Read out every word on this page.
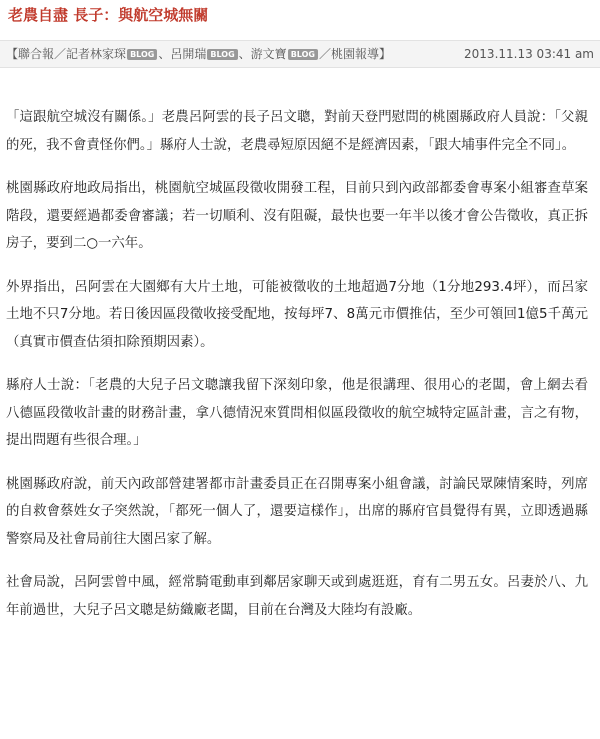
老農自盡 長子：與航空城無關
【聯合報／記者林家琛 BLOG 、呂開瑞 BLOG 、游文寶 BLOG ／桃園報導】	2013.11.13 03:41 am

「這跟航空城沒有關係。」老農呂阿雲的長子呂文聰，對前天登門慰問的桃園縣政府人員說：「父親的死，我不會責怪你們。」縣府人士說，老農尋短原因絕不是經濟因素，「跟大埔事件完全不同」。

桃園縣政府地政局指出，桃園航空城區段徵收開發工程，目前只到內政部都委會專案小組審查草案階段，還要經過都委會審議；若一切順利、沒有阻礙，最快也要一年半以後才會公告徵收，真正拆房子，要到二○一六年。

外界指出，呂阿雲在大園鄉有大片土地，可能被徵收的土地超過7分地（1分地293.4坪），而呂家土地不只7分地。若日後因區段徵收接受配地，按每坪7、8萬元市價推估，至少可領回1億5千萬元（真實市價查估須扣除預期因素）。

縣府人士說：「老農的大兒子呂文聰讓我留下深刻印象，他是很講理、很用心的老闆，會上網去看八德區段徵收計畫的財務計畫，拿八德情況來質問相似區段徵收的航空城特定區計畫，言之有物，提出問題有些很合理。」

桃園縣政府說，前天內政部營建署都市計畫委員正在召開專案小組會議，討論民眾陳情案時，列席的自救會蔡姓女子突然說，「都死一個人了，還要這樣作」，出席的縣府官員覺得有異，立即透過縣警察局及社會局前往大園呂家了解。

社會局說，呂阿雲曾中風，經常騎電動車到鄰居家聊天或到處逛逛，育有二男五女。呂妻於八、九年前過世，大兒子呂文聰是紡織廠老闆，目前在台灣及大陸均有設廠。
